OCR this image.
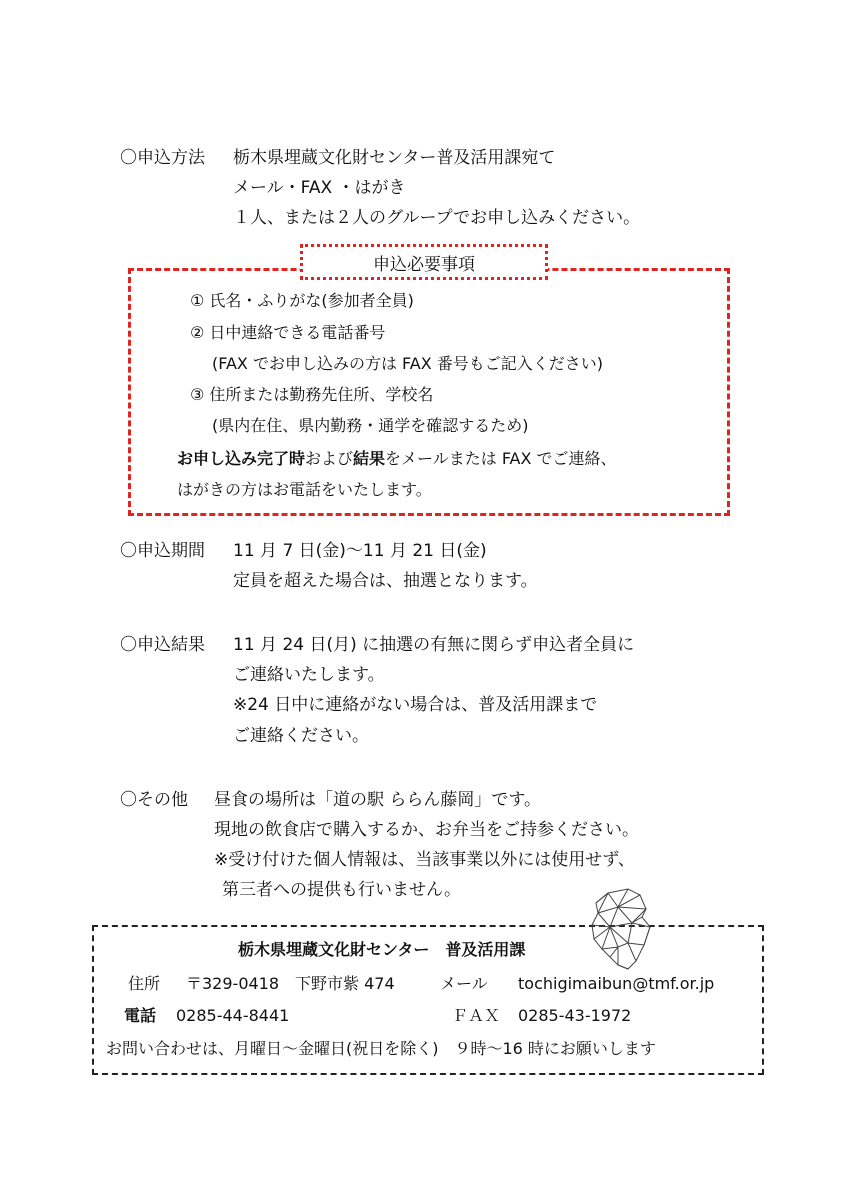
〇申込方法 栃木県埋蔵文化財センター普及活用課宛て
メール・FAX ・はがき
１人、または２人のグループでお申し込みください。
申込必要事項
① 氏名・ふりがな(参加者全員)
② 日中連絡できる電話番号
(FAX でお申し込みの方は FAX 番号もご記入ください)
③ 住所または勤務先住所、学校名
(県内在住、県内勤務・通学を確認するため)
お申し込み完了時および結果をメールまたは FAX でご連絡、
はがきの方はお電話をいたします。
〇申込期間 11 月 7 日(金)～11 月 21 日(金)
定員を超えた場合は、抽選となります。
〇申込結果 11 月 24 日(月) に抽選の有無に関らず申込者全員に
ご連絡いたします。
※24 日中に連絡がない場合は、普及活用課まで
ご連絡ください。
〇その他 昼食の場所は「道の駅 ららん藤岡」です。
現地の飲食店で購入するか、お弁当をご持参ください。
※受け付けた個人情報は、当該事業以外には使用せず、
第三者への提供も行いません。
栃木県埋蔵文化財センター　普及活用課
住所 〒329-0418　下野市紫 474	メール tochigimaibun@tmf.or.jp
電話 0285-44-8441	ＦＡＸ 0285-43-1972
お問い合わせは、月曜日～金曜日(祝日を除く)　９時～16 時にお願いします
